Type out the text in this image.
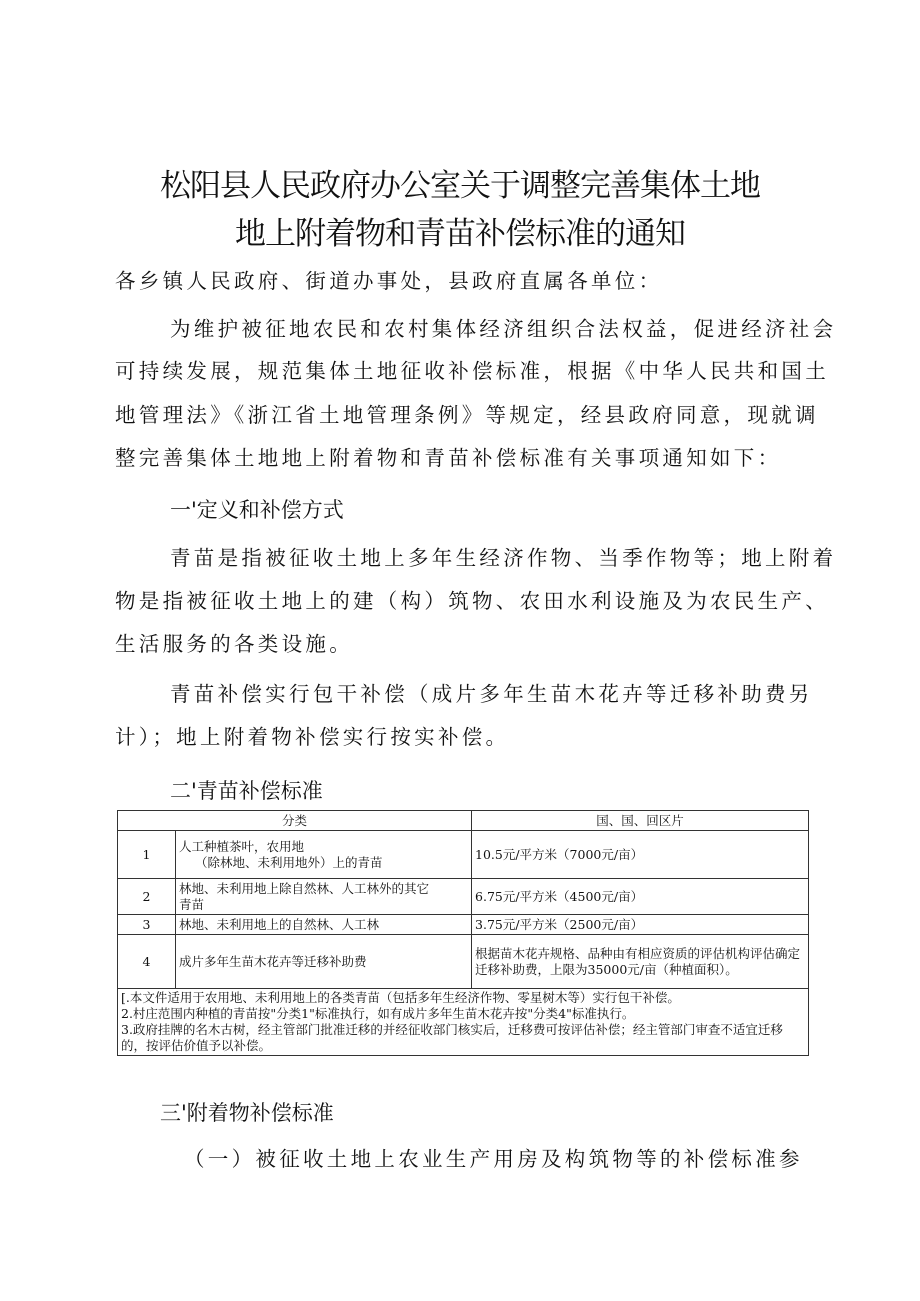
松阳县人民政府办公室关于调整完善集体土地
地上附着物和青苗补偿标准的通知
各乡镇人民政府、街道办事处，县政府直属各单位：
为维护被征地农民和农村集体经济组织合法权益，促进经济社会
可持续发展，规范集体土地征收补偿标准，根据《中华人民共和国土
地管理法》《浙江省土地管理条例》等规定，经县政府同意，现就调
整完善集体土地地上附着物和青苗补偿标准有关事项通知如下：
一'定义和补偿方式
青苗是指被征收土地上多年生经济作物、当季作物等；地上附着
物是指被征收土地上的建（构）筑物、农田水利设施及为农民生产、
生活服务的各类设施。
青苗补偿实行包干补偿（成片多年生苗木花卉等迁移补助费另
计）；地上附着物补偿实行按实补偿。
二'青苗补偿标准
分类		国、国、回区片
1	人工种植茶叶，农用地
（除林地、未利用地外）上的青苗	10.5元/平方米（7000元/亩）
2	林地、未利用地上除自然林、人工林外的其它
青苗	6.75元/平方米（4500元/亩）
3	林地、未利用地上的自然林、人工林	3.75元/平方米（2500元/亩）
4	成片多年生苗木花卉等迁移补助费	根据苗木花卉规格、品种由有相应资质的评估机构评估确定迁移补助费，上限为35000元/亩（种植面积）。

[.本文件适用于农用地、未利用地上的各类青苗（包括多年生经济作物、零星树木等）实行包干补偿。
2.村庄范围内种植的青苗按"分类1"标准执行，如有成片多年生苗木花卉按"分类4"标准执行。
3.政府挂牌的名木古树，经主管部门批准迁移的并经征收部门核实后，迁移费可按评估补偿；经主管部门审查不适宜迁移的，按评估价值予以补偿。		
三'附着物补偿标准
（一）被征收土地上农业生产用房及构筑物等的补偿标准参
